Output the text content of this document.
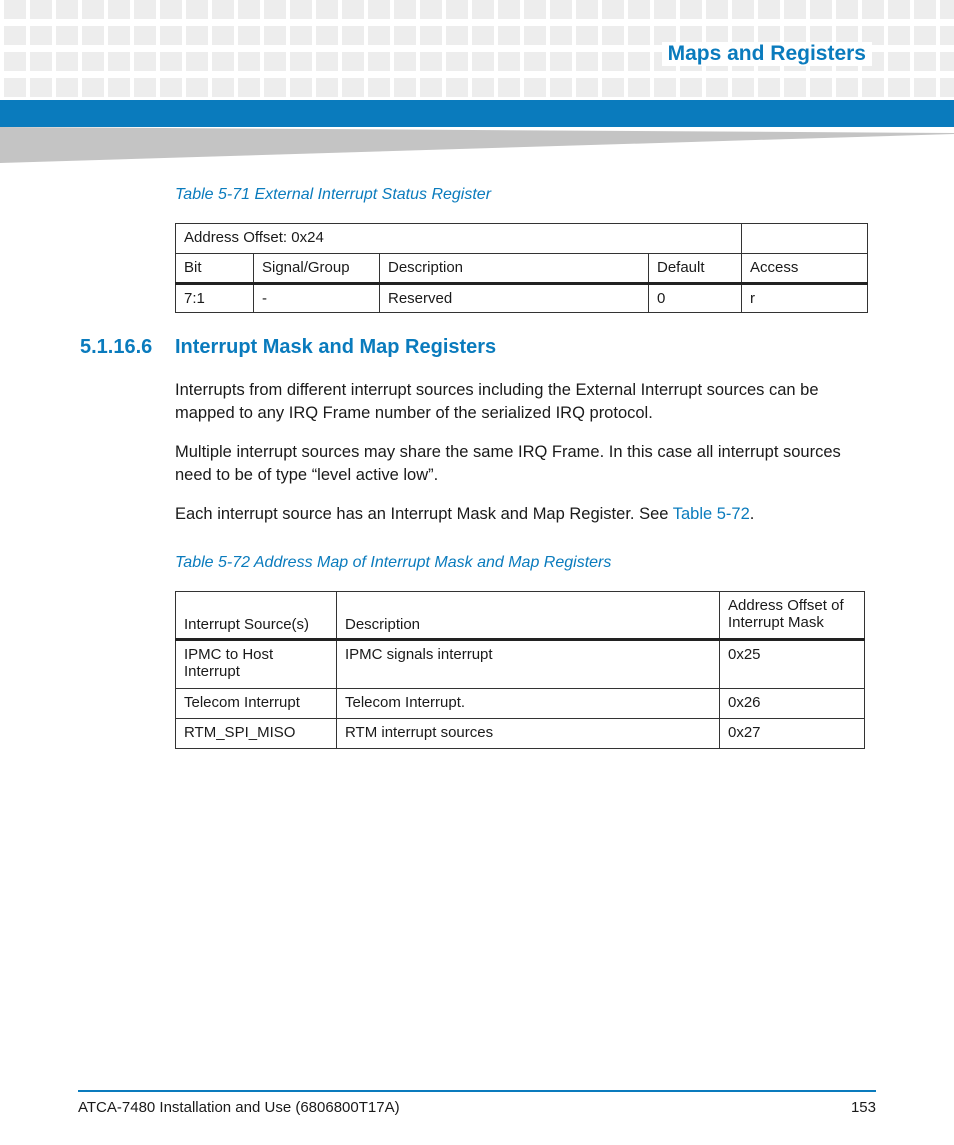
Maps and Registers
Table 5-71 External Interrupt Status Register
Address Offset: 0x24				
Bit	Signal/Group	Description	Default	Access
7:1	-	Reserved	0	r
5.1.16.6 Interrupt Mask and Map Registers

Interrupts from different interrupt sources including the External Interrupt sources can be mapped to any IRQ Frame number of the serialized IRQ protocol.

Multiple interrupt sources may share the same IRQ Frame. In this case all interrupt sources need to be of type “level active low”.

Each interrupt source has an Interrupt Mask and Map Register. See Table 5-72.

Table 5-72 Address Map of Interrupt Mask and Map Registers
Interrupt Source(s)	Description	Address Offset of Interrupt Mask
IPMC to Host Interrupt	IPMC signals interrupt	0x25
Telecom Interrupt	Telecom Interrupt.	0x26
RTM_SPI_MISO	RTM interrupt sources	0x27
ATCA-7480 Installation and Use (6806800T17A)	153
